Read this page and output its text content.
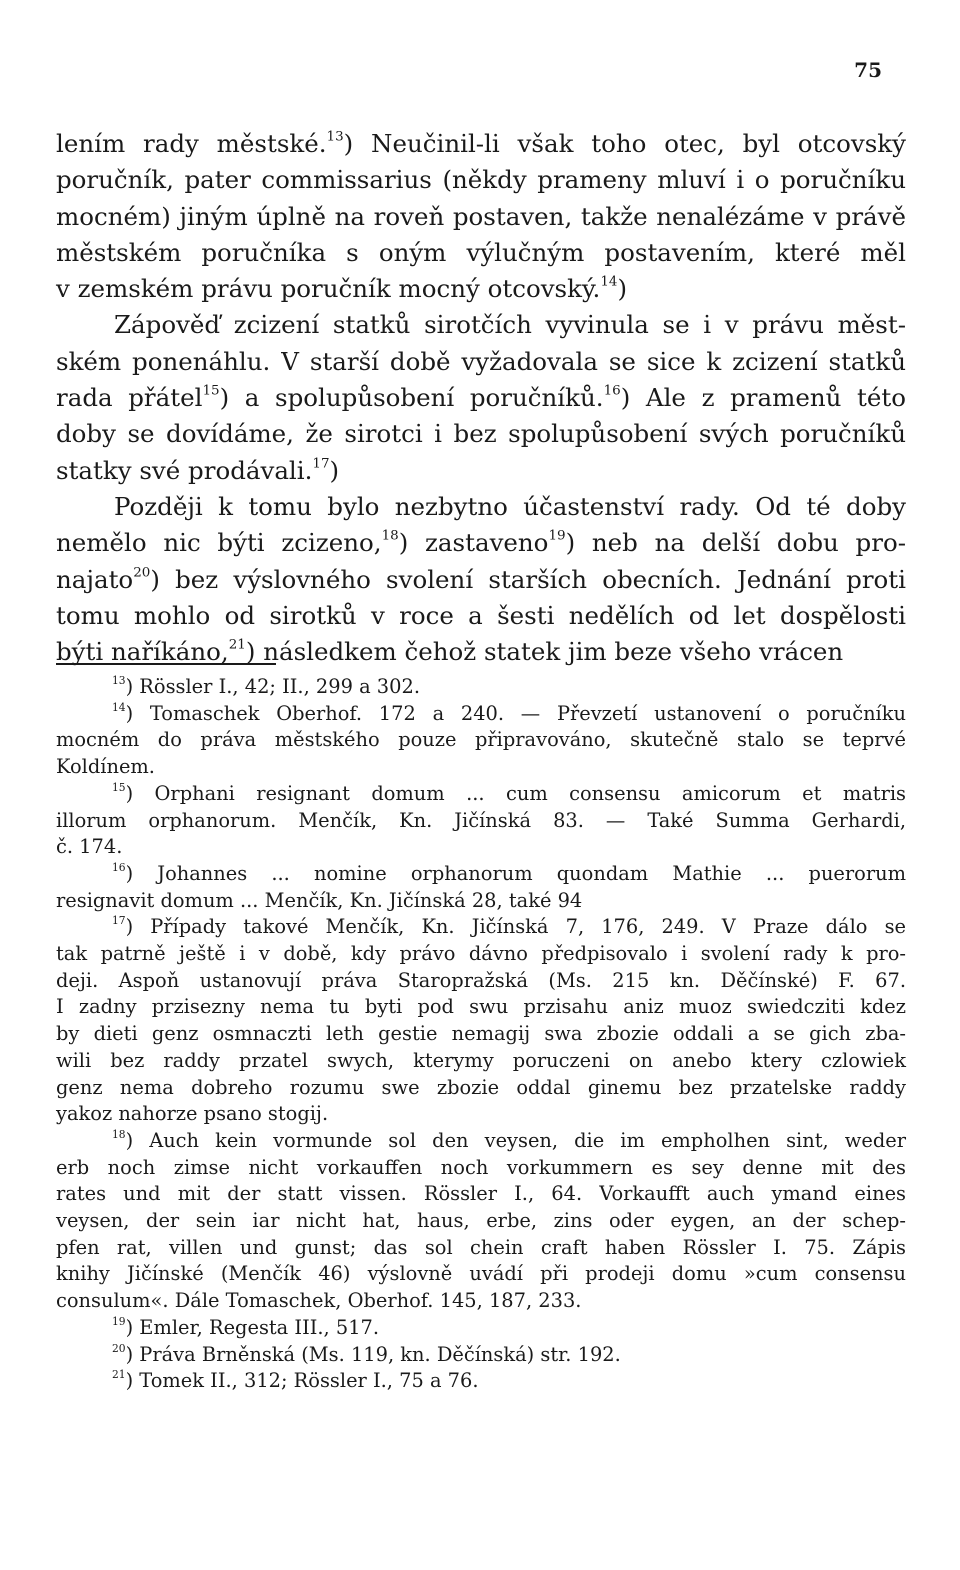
75
lením rady městské.$^{13}$) Neučinil-li však toho otec, byl otcovský
poručník, pater commissarius (někdy prameny mluví i o poručníku
mocném) jiným úplně na roveň postaven, takže nenalézáme v právě
městském poručníka s oným výlučným postavením, které měl
v zemském právu poručník mocný otcovský.$^{14}$)
Zápověď zcizení statků sirotčích vyvinula se i v právu měst-
ském ponenáhlu. V starší době vyžadovala se sice k zcizení statků
rada přátel$^{15}$) a spolupůsobení poručníků.$^{16}$) Ale z pramenů této
doby se dovídáme, že sirotci i bez spolupůsobení svých poručníků
statky své prodávali.$^{17}$)
Později k tomu bylo nezbytno účastenství rady. Od té doby
nemělo nic býti zcizeno,$^{18}$) zastaveno$^{19}$) neb na delší dobu pro-
najato$^{20}$) bez výslovného svolení starších obecních. Jednání proti
tomu mohlo od sirotků v roce a šesti nedělích od let dospělosti
býti naříkáno,$^{21}$) následkem čehož statek jim beze všeho vrácen
$^{13}$) Rössler I., 42; II., 299 a 302.
$^{14}$) Tomaschek Oberhof. 172 a 240. — Převzetí ustanovení o poručníku
mocném do práva městského pouze připravováno, skutečně stalo se teprvé
Koldínem.
$^{15}$) Orphani resignant domum ... cum consensu amicorum et matris
illorum orphanorum. Menčík, Kn. Jičínská 83. — Také Summa Gerhardi,
č. 174.
$^{16}$) Johannes ... nomine orphanorum quondam Mathie ... puerorum
resignavit domum ... Menčík, Kn. Jičínská 28, také 94
$^{17}$) Případy takové Menčík, Kn. Jičínská 7, 176, 249. V Praze dálo se
tak patrně ještě i v době, kdy právo dávno předpisovalo i svolení rady k pro-
deji. Aspoň ustanovují práva Staropražská (Ms. 215 kn. Děčínské) F. 67.
I zadny przisezny nema tu byti pod swu przisahu aniz muoz swiedcziti kdez
by dieti genz osmnaczti leth gestie nemagij swa zbozie oddali a se gich zba-
wili bez raddy przatel swych, kterymy poruczeni on anebo ktery czlowiek
genz nema dobreho rozumu swe zbozie oddal ginemu bez przatelske raddy
yakoz nahorze psano stogij.
$^{18}$) Auch kein vormunde sol den veysen, die im empholhen sint, weder
erb noch zimse nicht vorkauffen noch vorkummern es sey denne mit des
rates und mit der statt vissen. Rössler I., 64. Vorkaufft auch ymand eines
veysen, der sein iar nicht hat, haus, erbe, zins oder eygen, an der schep-
pfen rat, villen und gunst; das sol chein craft haben Rössler I. 75. Zápis
knihy Jičínské (Menčík 46) výslovně uvádí při prodeji domu »cum consensu
consulum«. Dále Tomaschek, Oberhof. 145, 187, 233.
$^{19}$) Emler, Regesta III., 517.
$^{20}$) Práva Brněnská (Ms. 119, kn. Děčínská) str. 192.
$^{21}$) Tomek II., 312; Rössler I., 75 a 76.
